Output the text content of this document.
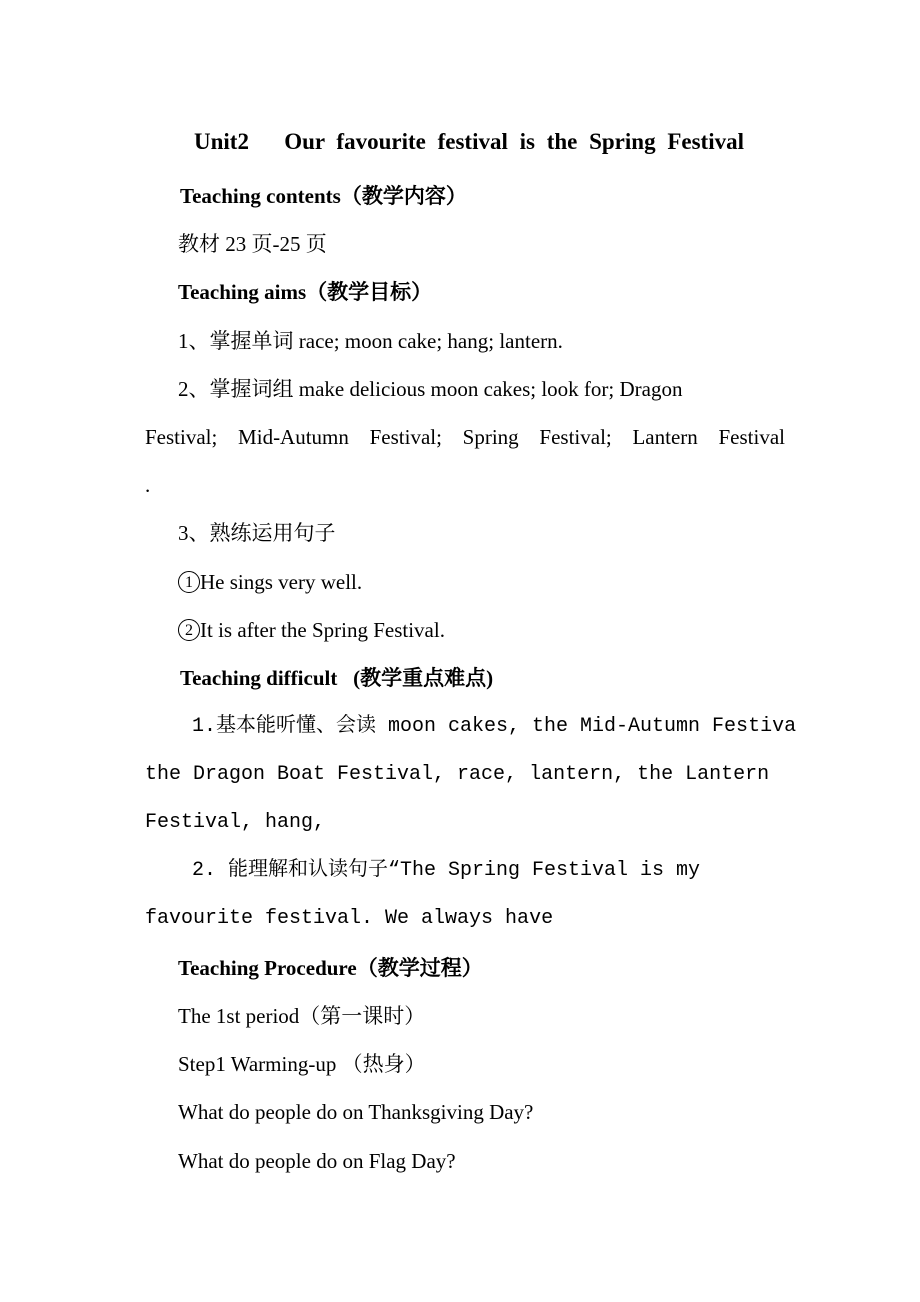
Unit2   Our favourite festival is the Spring Festival
Teaching contents（教学内容）
教材 23 页-25 页
Teaching aims（教学目标）
1、掌握单词 race; moon cake; hang; lantern.
2、掌握词组 make delicious moon cakes; look for; Dragon
Festival; Mid-Autumn Festival; Spring Festival; Lantern Festival
.
3、熟练运用句子
1 He sings very well.
2 It is after the Spring Festival.
Teaching difficult   (教学重点难点)
1.基本能听懂、会读 moon cakes, the Mid-Autumn Festiva
the Dragon Boat Festival, race, lantern, the Lantern
Festival, hang,
2. 能理解和认读句子“The Spring Festival is my
favourite festival. We always have
Teaching Procedure（教学过程）
The 1st period（第一课时）
Step1 Warming-up （热身）
What do people do on Thanksgiving Day?
What do people do on Flag Day?
